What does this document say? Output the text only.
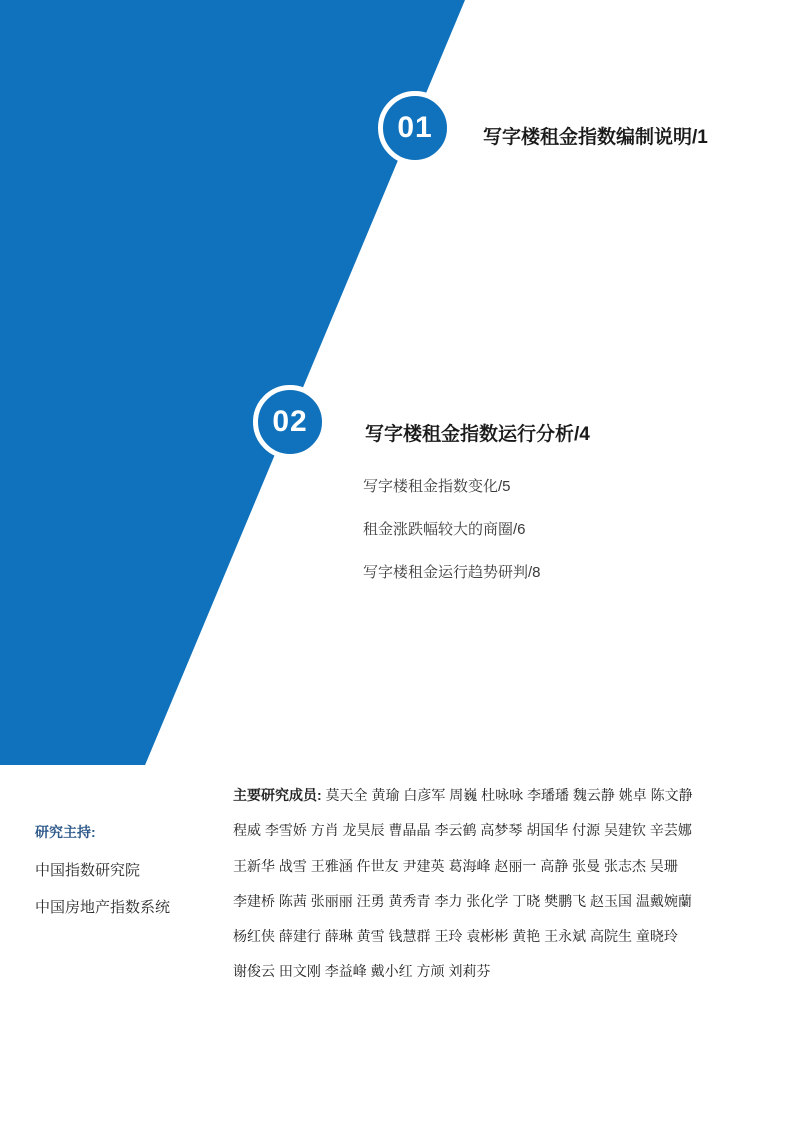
01	写字楼租金指数编制说明/1
02	写字楼租金指数运行分析/4
写字楼租金指数变化/5
租金涨跌幅较大的商圈/6
写字楼租金运行趋势研判/8
研究主持:
中国指数研究院
中国房地产指数系统
主要研究成员: 莫天全 黄瑜 白彦军 周巍 杜咏咏 李璠璠 魏云静 姚卓 陈文静
程威 李雪娇 方肖 龙昊辰 曹晶晶 李云鹤 高梦琴 胡国华 付源 吴建钦 辛芸娜
王新华 战雪 王雅涵 仵世友 尹建英 葛海峰 赵丽一 高静 张曼 张志杰 吴珊
李建桥 陈茜 张丽丽 汪勇 黄秀青 李力 张化学 丁晓 樊鹏飞 赵玉国 温戴婉蘭
杨红侠 薛建行 薛琳 黄雪 钱慧群 王玲 袁彬彬 黄艳 王永斌 高院生 童晓玲
谢俊云 田文刚 李益峰 戴小红 方颃 刘莉芬
